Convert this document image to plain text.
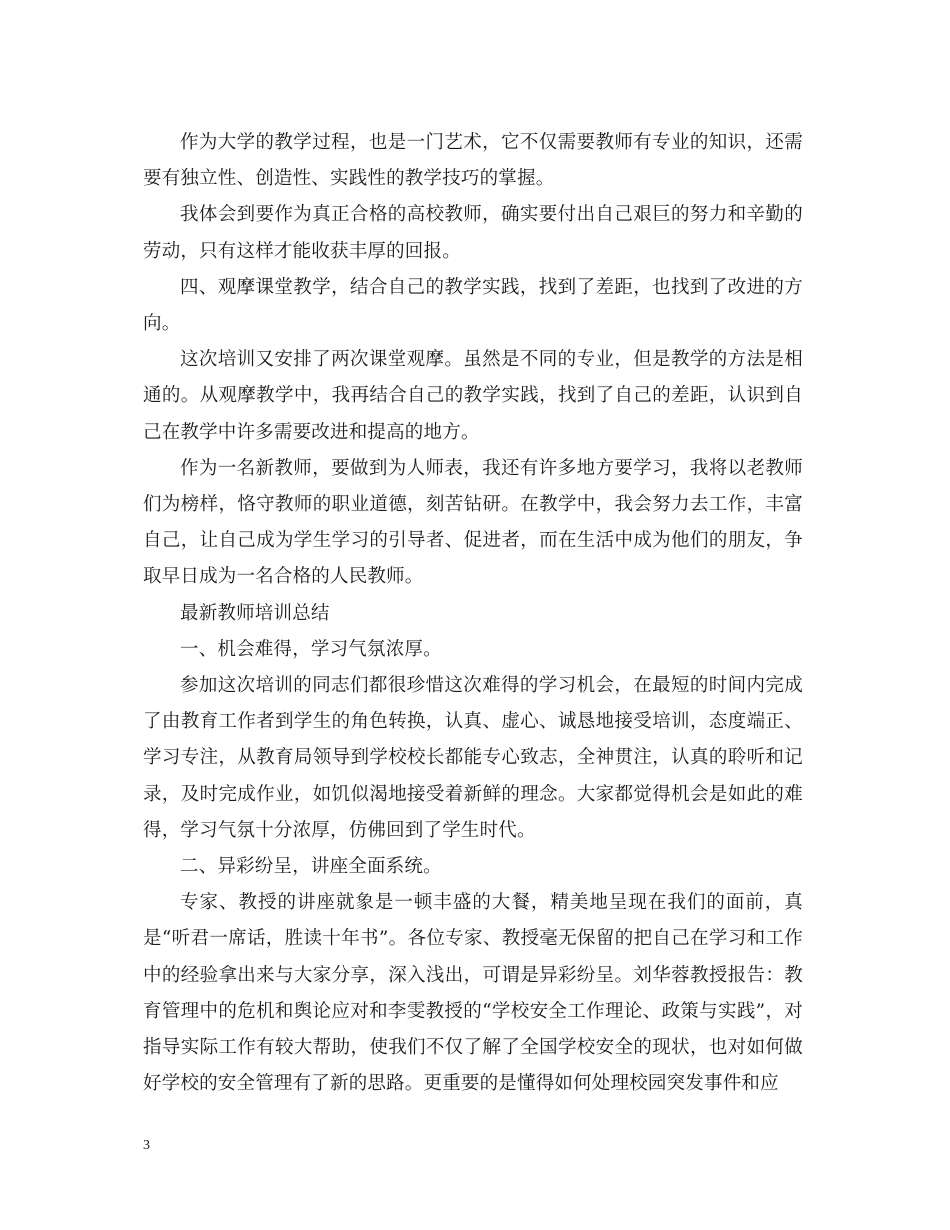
作为大学的教学过程，也是一门艺术，它不仅需要教师有专业的知识，还需要有独立性、创造性、实践性的教学技巧的掌握。

我体会到要作为真正合格的高校教师，确实要付出自己艰巨的努力和辛勤的劳动，只有这样才能收获丰厚的回报。

四、观摩课堂教学，结合自己的教学实践，找到了差距，也找到了改进的方向。

这次培训又安排了两次课堂观摩。虽然是不同的专业，但是教学的方法是相通的。从观摩教学中，我再结合自己的教学实践，找到了自己的差距，认识到自己在教学中许多需要改进和提高的地方。

作为一名新教师，要做到为人师表，我还有许多地方要学习，我将以老教师们为榜样，恪守教师的职业道德，刻苦钻研。在教学中，我会努力去工作，丰富自己，让自己成为学生学习的引导者、促进者，而在生活中成为他们的朋友，争取早日成为一名合格的人民教师。

最新教师培训总结

一、机会难得，学习气氛浓厚。

参加这次培训的同志们都很珍惜这次难得的学习机会，在最短的时间内完成了由教育工作者到学生的角色转换，认真、虚心、诚恳地接受培训，态度端正、学习专注，从教育局领导到学校校长都能专心致志，全神贯注，认真的聆听和记录，及时完成作业，如饥似渴地接受着新鲜的理念。大家都觉得机会是如此的难得，学习气氛十分浓厚，仿佛回到了学生时代。

二、异彩纷呈，讲座全面系统。

专家、教授的讲座就象是一顿丰盛的大餐，精美地呈现在我们的面前，真是“听君一席话，胜读十年书”。各位专家、教授毫无保留的把自己在学习和工作中的经验拿出来与大家分享，深入浅出，可谓是异彩纷呈。刘华蓉教授报告：教育管理中的危机和舆论应对和李雯教授的“学校安全工作理论、政策与实践”，对指导实际工作有较大帮助，使我们不仅了解了全国学校安全的现状，也对如何做好学校的安全管理有了新的思路。更重要的是懂得如何处理校园突发事件和应

3
